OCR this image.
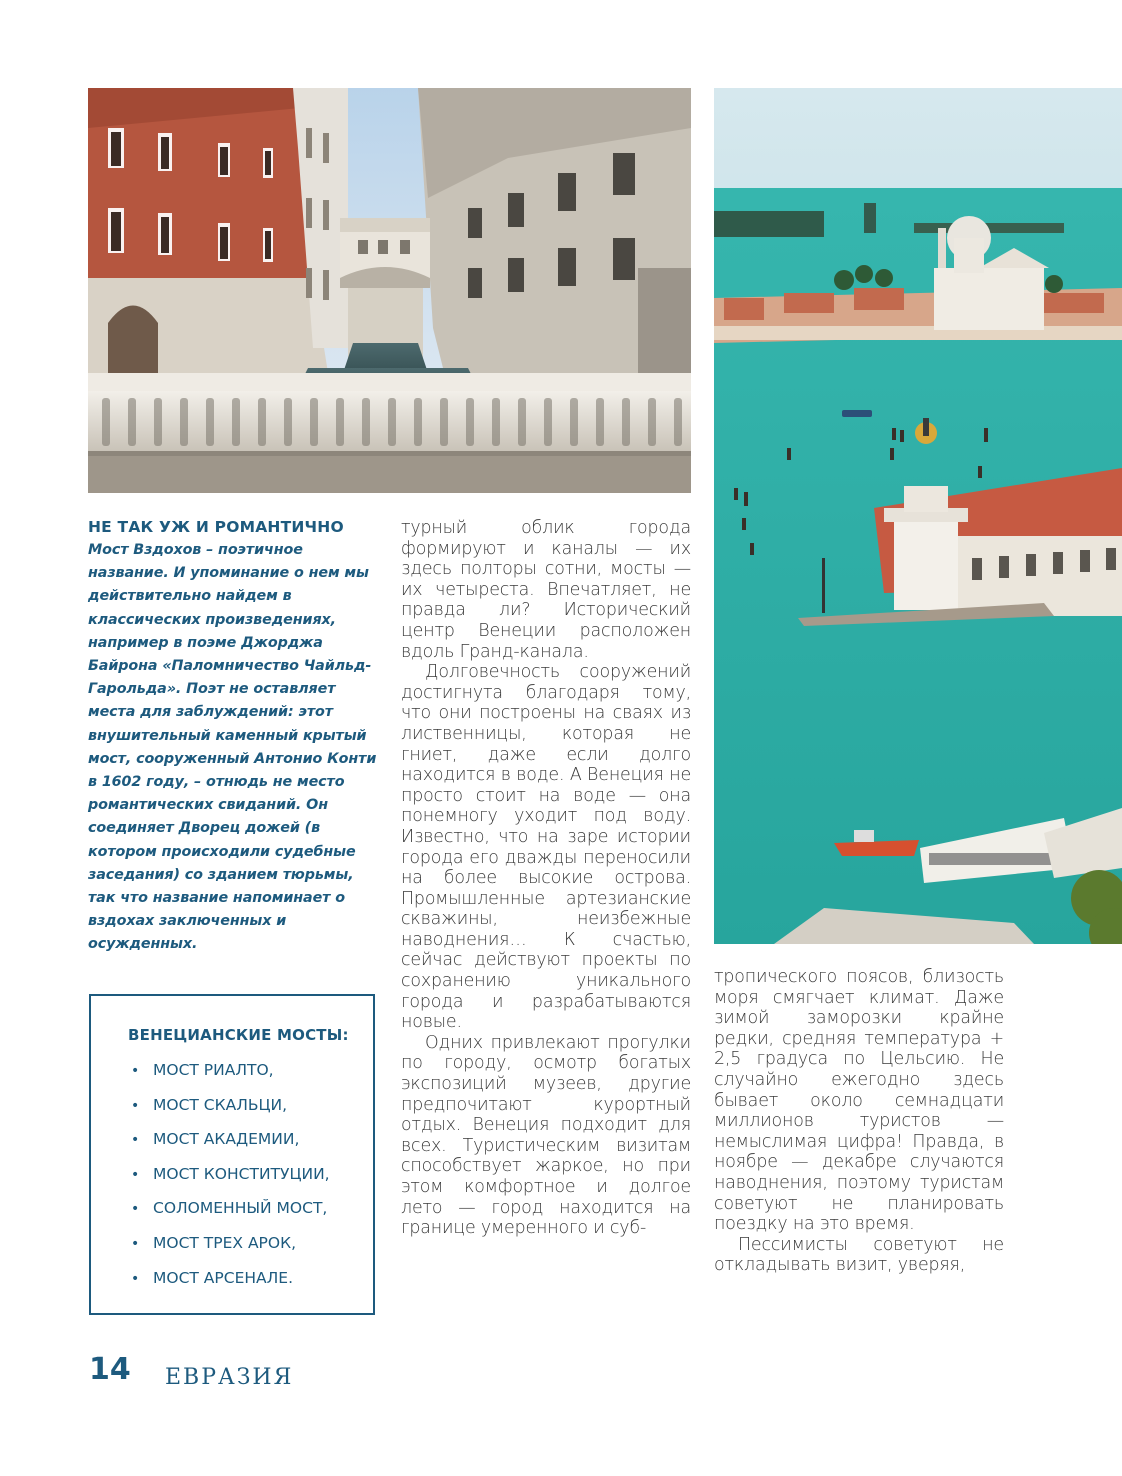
НЕ ТАК УЖ И РОМАНТИЧНО

Мост Вздохов – поэтичное название. И упоминание о нем мы действительно найдем в классических произведениях, например в поэме Джорджа Байрона «Паломничество Чайльд-Гарольда». Поэт не оставляет места для заблуждений: этот внушительный каменный крытый мост, сооруженный Антонио Конти в 1602 году, – отнюдь не место романтических свиданий. Он соединяет Дворец дожей (в котором происходили судебные заседания) со зданием тюрьмы, так что название напоминает о вздохах заключенных и осужденных.

ВЕНЕЦИАНСКИЕ МОСТЫ:

• МОСТ РИАЛТО,
• МОСТ СКАЛЬЦИ,
• МОСТ АКАДЕМИИ,
• МОСТ КОНСТИТУЦИИ,
• СОЛОМЕННЫЙ МОСТ,
• МОСТ ТРЕХ АРОК,
• МОСТ АРСЕНАЛЕ.

турный облик города формируют и каналы — их здесь полторы сотни, мосты — их четыреста. Впечатляет, не правда ли? Исторический центр Венеции расположен вдоль Гранд-канала.

Долговечность сооружений достигнута благодаря тому, что они построены на сваях из лиственницы, которая не гниет, даже если долго находится в воде. А Венеция не просто стоит на воде — она понемногу уходит под воду. Известно, что на заре истории города его дважды переносили на более высокие острова. Промышленные артезианские скважины, неизбежные наводнения… К счастью, сейчас действуют проекты по сохранению уникального города и разрабатываются новые.

Одних привлекают прогулки по городу, осмотр богатых экспозиций музеев, другие предпочитают курортный отдых. Венеция подходит для всех. Туристическим визитам способствует жаркое, но при этом комфортное и долгое лето — город находится на границе умеренного и суб-

тропического поясов, близость моря смягчает климат. Даже зимой заморозки крайне редки, средняя температура + 2,5 градуса по Цельсию. Не случайно ежегодно здесь бывает около семнадцати миллионов туристов — немыслимая цифра! Правда, в ноябре — декабре случаются наводнения, поэтому туристам советуют не планировать поездку на это время.

Пессимисты советуют не откладывать визит, уверяя,

14 ЕВРАЗИЯ
